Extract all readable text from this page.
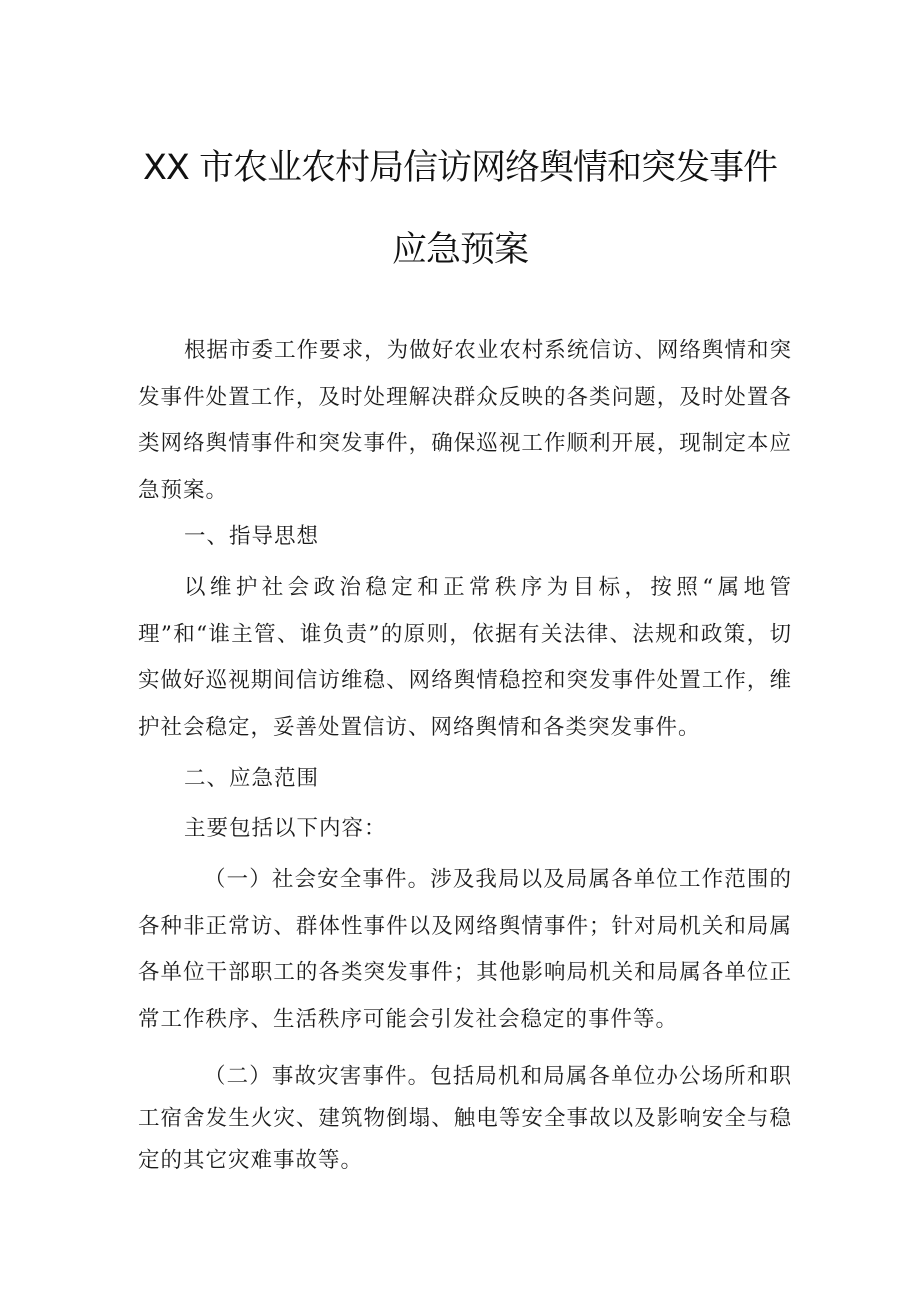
XX 市农业农村局信访网络舆情和突发事件
应急预案

根据市委工作要求，为做好农业农村系统信访、网络舆情和突发事件处置工作，及时处理解决群众反映的各类问题，及时处置各类网络舆情事件和突发事件，确保巡视工作顺利开展，现制定本应急预案。

一、指导思想

以维护社会政治稳定和正常秩序为目标，按照“属地管理”和“谁主管、谁负责”的原则，依据有关法律、法规和政策，切实做好巡视期间信访维稳、网络舆情稳控和突发事件处置工作，维护社会稳定，妥善处置信访、网络舆情和各类突发事件。

二、应急范围

主要包括以下内容：

（一）社会安全事件。涉及我局以及局属各单位工作范围的各种非正常访、群体性事件以及网络舆情事件；针对局机关和局属各单位干部职工的各类突发事件；其他影响局机关和局属各单位正常工作秩序、生活秩序可能会引发社会稳定的事件等。

（二）事故灾害事件。包括局机和局属各单位办公场所和职工宿舍发生火灾、建筑物倒塌、触电等安全事故以及影响安全与稳定的其它灾难事故等。
